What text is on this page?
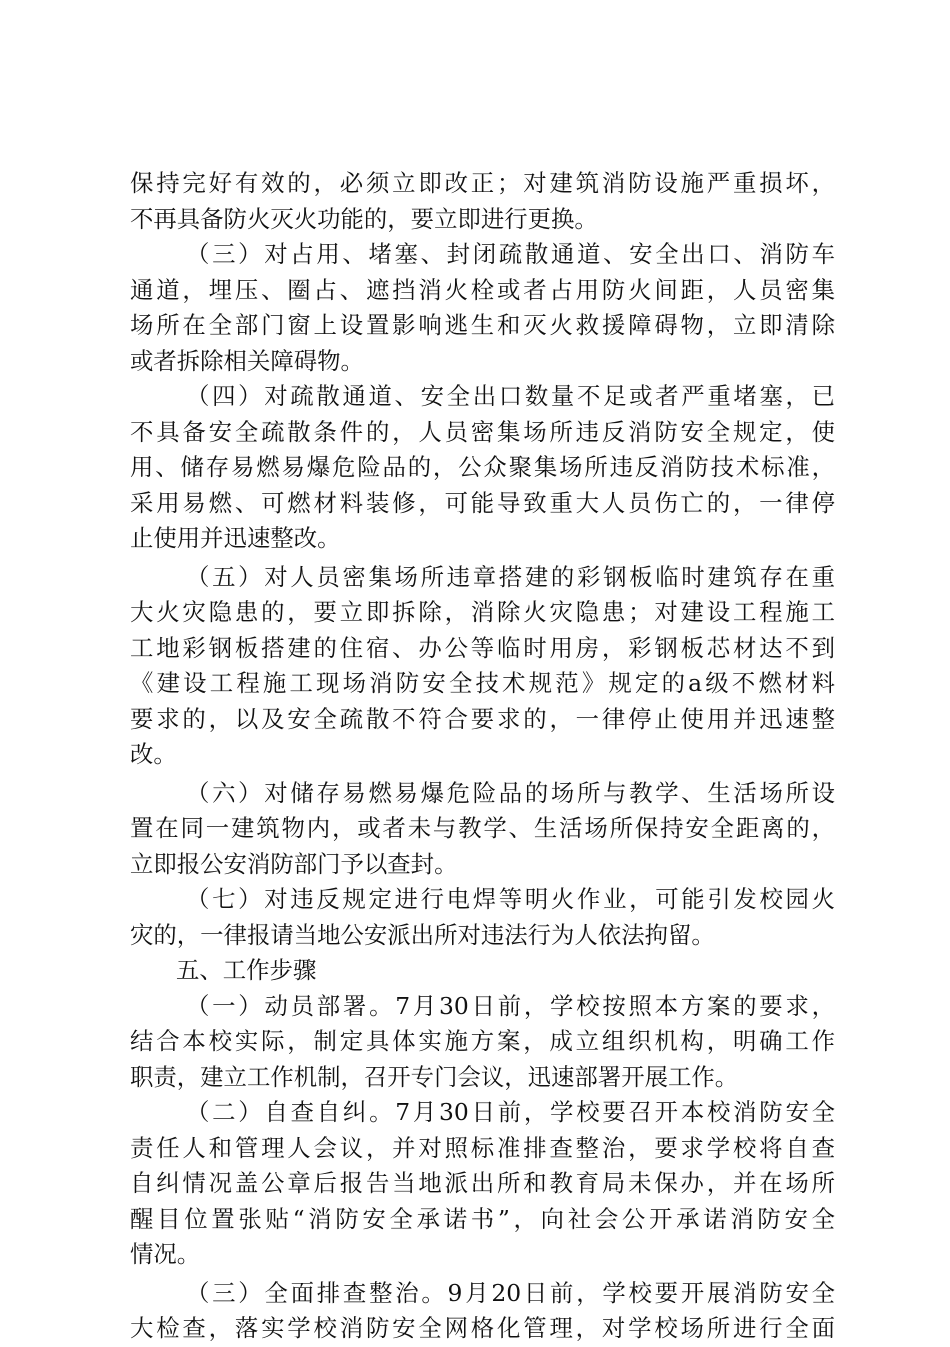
保持完好有效的，必须立即改正；对建筑消防设施严重损坏，
不再具备防火灭火功能的，要立即进行更换。
（三）对占用、堵塞、封闭疏散通道、安全出口、消防车
通道，埋压、圈占、遮挡消火栓或者占用防火间距，人员密集
场所在全部门窗上设置影响逃生和灭火救援障碍物，立即清除
或者拆除相关障碍物。
（四）对疏散通道、安全出口数量不足或者严重堵塞，已
不具备安全疏散条件的，人员密集场所违反消防安全规定，使
用、储存易燃易爆危险品的，公众聚集场所违反消防技术标准，
采用易燃、可燃材料装修，可能导致重大人员伤亡的，一律停
止使用并迅速整改。
（五）对人员密集场所违章搭建的彩钢板临时建筑存在重
大火灾隐患的，要立即拆除，消除火灾隐患；对建设工程施工
工地彩钢板搭建的住宿、办公等临时用房，彩钢板芯材达不到
《建设工程施工现场消防安全技术规范》规定的a级不燃材料
要求的，以及安全疏散不符合要求的，一律停止使用并迅速整
改。
（六）对储存易燃易爆危险品的场所与教学、生活场所设
置在同一建筑物内，或者未与教学、生活场所保持安全距离的，
立即报公安消防部门予以查封。
（七）对违反规定进行电焊等明火作业，可能引发校园火
灾的，一律报请当地公安派出所对违法行为人依法拘留。
五、工作步骤
（一）动员部署。7月30日前，学校按照本方案的要求，
结合本校实际，制定具体实施方案，成立组织机构，明确工作
职责，建立工作机制，召开专门会议，迅速部署开展工作。
（二）自查自纠。7月30日前，学校要召开本校消防安全
责任人和管理人会议，并对照标准排查整治，要求学校将自查
自纠情况盖公章后报告当地派出所和教育局未保办，并在场所
醒目位置张贴“消防安全承诺书”，向社会公开承诺消防安全
情况。
（三）全面排查整治。9月20日前，学校要开展消防安全
大检查，落实学校消防安全网格化管理，对学校场所进行全面
